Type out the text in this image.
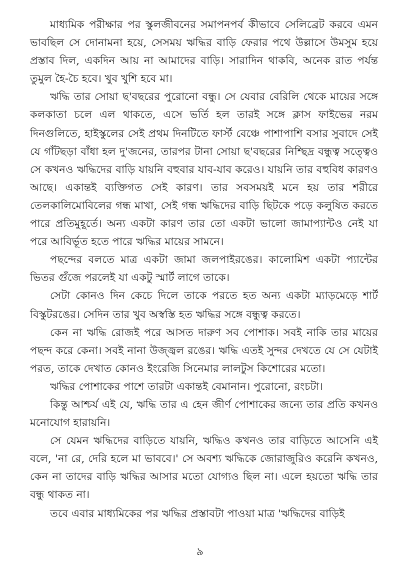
মাধ্যমিক পরীক্ষার পর স্কুলজীবনের সমাপনপর্ব কীভাবে সেলিব্রেট করবে এমন ভাবছিল সে দোনামনা হয়ে, সেসময় ঋদ্ধির বাড়ি ফেরার পথে উল্লাসে উমসুম হয়ে প্রস্তাব দিল, একদিন আয় না আমাদের বাড়ি। সারাদিন থাকবি, অনেক রাত পর্যন্ত তুমুল হৈ-চৈ হবে। খুব খুশি হবে মা।

ঋদ্ধি তার সোয়া ছ'বছরের পুরোনো বন্ধু। সে যেবার বেরিলি থেকে মায়ের সঙ্গে কলকাতা চলে এল থাকতে, এসে ভর্তি হল তারই সঙ্গে ক্লাস ফাইভের নরম দিনগুলিতে, হাইস্কুলের সেই প্রথম দিনটিতে ফার্স্ট বেঞ্চে পাশাপাশি বসার সুবাদে সেই যে গাঁটছড়া বাঁধা হল দু'জনের, তারপর টানা সোয়া ছ'বছরের নিশ্ছিদ্র বন্ধুত্ব সত্ত্বেও সে কখনও ঋদ্ধিদের বাড়ি যায়নি বহুবার যাব-যাব করেও। যায়নি তার বহুবিধ কারণও আছে। একান্তই ব্যক্তিগত সেই কারণ। তার সবসময়ই মনে হয় তার শরীরে তেলকালিমোবিলের গন্ধ মাখা, সেই গন্ধ ঋদ্ধিদের বাড়ি ছিটকে পড়ে কলুষিত করতে পারে প্রতিমুহূর্তে। অন্য একটা কারণ তার তো একটা ভালো জামাপ্যান্টও নেই যা পরে আবির্ভূত হতে পারে ঋদ্ধির মায়ের সামনে।

পছন্দের বলতে মাত্র একটা জামা জলপাইরঙের। কালোমিশ একটা প্যান্টের ভিতর গুঁজে পরলেই যা একটু স্মার্ট লাগে তাকে।

সেটা কোনও দিন কেচে দিলে তাকে পরতে হত অন্য একটা ম্যাড়মেড়ে শার্ট বিস্কুটরঙের। সেদিন তার খুব অস্বস্তি হত ঋদ্ধির সঙ্গে বন্ধুত্ব করতে।

কেন না ঋদ্ধি রোজই পরে আসত দারুণ সব পোশাক। সবই নাকি তার মায়ের পছন্দ করে কেনা। সবই নানা উজ্জ্বল রঙের। ঋদ্ধি এতই সুন্দর দেখতে যে সে যেটাই পরত, তাকে দেখাত কোনও ইংরেজি সিনেমার লালটুস কিশোরের মতো।

ঋদ্ধির পোশাকের পাশে তারটা একান্তই বেমানান। পুরোনো, রংচটা।

কিন্তু আশ্চর্য এই যে, ঋদ্ধি তার এ হেন জীর্ণ পোশাকের জন্যে তার প্রতি কখনও মনোযোগ হারায়নি।

সে যেমন ঋদ্ধিদের বাড়িতে যায়নি, ঋদ্ধিও কখনও তার বাড়িতে আসেনি এই বলে, 'না রে, দেরি হলে মা ভাববে।' সে অবশ্য ঋদ্ধিকে জোরাজুরিও করেনি কখনও, কেন না তাদের বাড়ি ঋদ্ধির আসার মতো যোগ্যও ছিল না। এলে হয়তো ঋদ্ধি তার বন্ধু থাকত না।

তবে এবার মাধ্যমিকের পর ঋদ্ধির প্রস্তাবটা পাওয়া মাত্র 'ঋদ্ধিদের বাড়িই

৯
